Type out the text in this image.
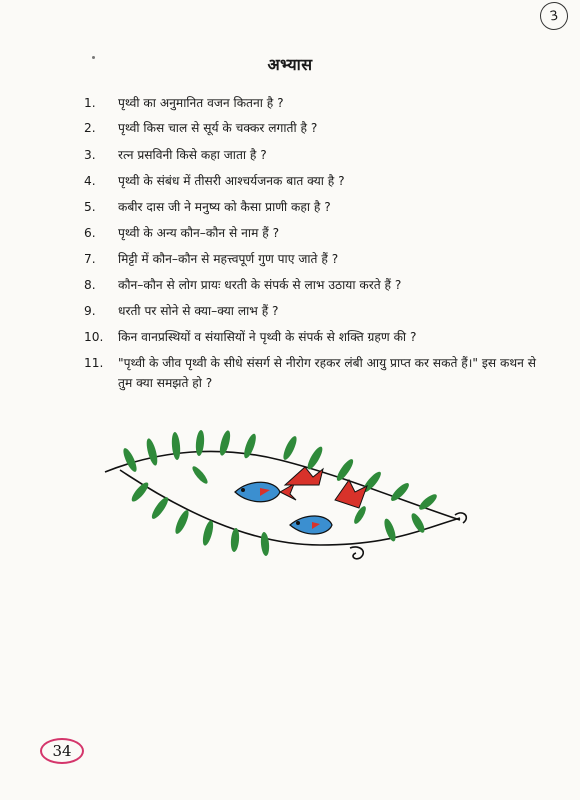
3
अभ्यास
1.	पृथ्वी का अनुमानित वजन कितना है ?
2.	पृथ्वी किस चाल से सूर्य के चक्कर लगाती है ?
3.	रत्न प्रसविनी किसे कहा जाता है ?
4.	पृथ्वी के संबंध में तीसरी आश्चर्यजनक बात क्या है ?
5.	कबीर दास जी ने मनुष्य को कैसा प्राणी कहा है ?
6.	पृथ्वी के अन्य कौन–कौन से नाम हैं ?
7.	मिट्टी में कौन–कौन से महत्त्वपूर्ण गुण पाए जाते हैं ?
8.	कौन–कौन से लोग प्रायः धरती के संपर्क से लाभ उठाया करते हैं ?
9.	धरती पर सोने से क्या–क्या लाभ हैं ?
10.	किन वानप्रस्थियों व संयासियों ने पृथ्वी के संपर्क से शक्ति ग्रहण की ?
11.	"पृथ्वी के जीव पृथ्वी के सीधे संसर्ग से नीरोग रहकर लंबी आयु प्राप्त कर सकते हैं।" इस कथन से तुम क्या समझते हो ?
34
